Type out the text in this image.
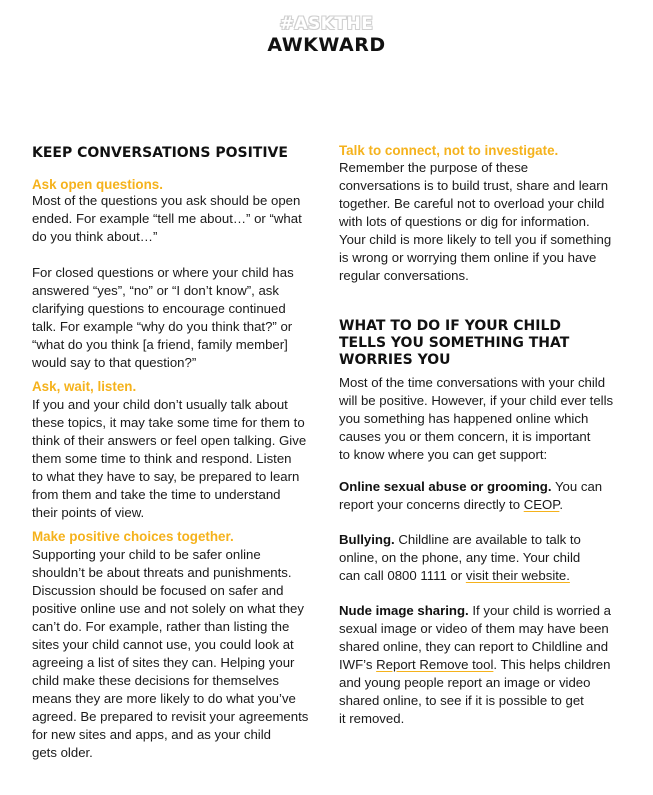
#ASKTHE
AWKWARD
KEEP CONVERSATIONS POSITIVE
Ask open questions.
Most of the questions you ask should be open
ended. For example “tell me about…” or “what
do you think about…”
For closed questions or where your child has
answered “yes”, “no” or “I don’t know”, ask
clarifying questions to encourage continued
talk. For example “why do you think that?” or
“what do you think [a friend, family member]
would say to that question?”
Ask, wait, listen.
If you and your child don’t usually talk about
these topics, it may take some time for them to
think of their answers or feel open talking. Give
them some time to think and respond. Listen
to what they have to say, be prepared to learn
from them and take the time to understand
their points of view.
Make positive choices together.
Supporting your child to be safer online
shouldn’t be about threats and punishments.
Discussion should be focused on safer and
positive online use and not solely on what they
can’t do. For example, rather than listing the
sites your child cannot use, you could look at
agreeing a list of sites they can. Helping your
child make these decisions for themselves
means they are more likely to do what you’ve
agreed. Be prepared to revisit your agreements
for new sites and apps, and as your child
gets older.
Talk to connect, not to investigate.
Remember the purpose of these
conversations is to build trust, share and learn
together. Be careful not to overload your child
with lots of questions or dig for information.
Your child is more likely to tell you if something
is wrong or worrying them online if you have
regular conversations.
WHAT TO DO IF YOUR CHILD
TELLS YOU SOMETHING THAT
WORRIES YOU
Most of the time conversations with your child
will be positive. However, if your child ever tells
you something has happened online which
causes you or them concern, it is important
to know where you can get support:
Online sexual abuse or grooming. You can
report your concerns directly to CEOP.
Bullying. Childline are available to talk to
online, on the phone, any time. Your child
can call 0800 1111 or visit their website.
Nude image sharing. If your child is worried a
sexual image or video of them may have been
shared online, they can report to Childline and
IWF’s Report Remove tool. This helps children
and young people report an image or video
shared online, to see if it is possible to get
it removed.
